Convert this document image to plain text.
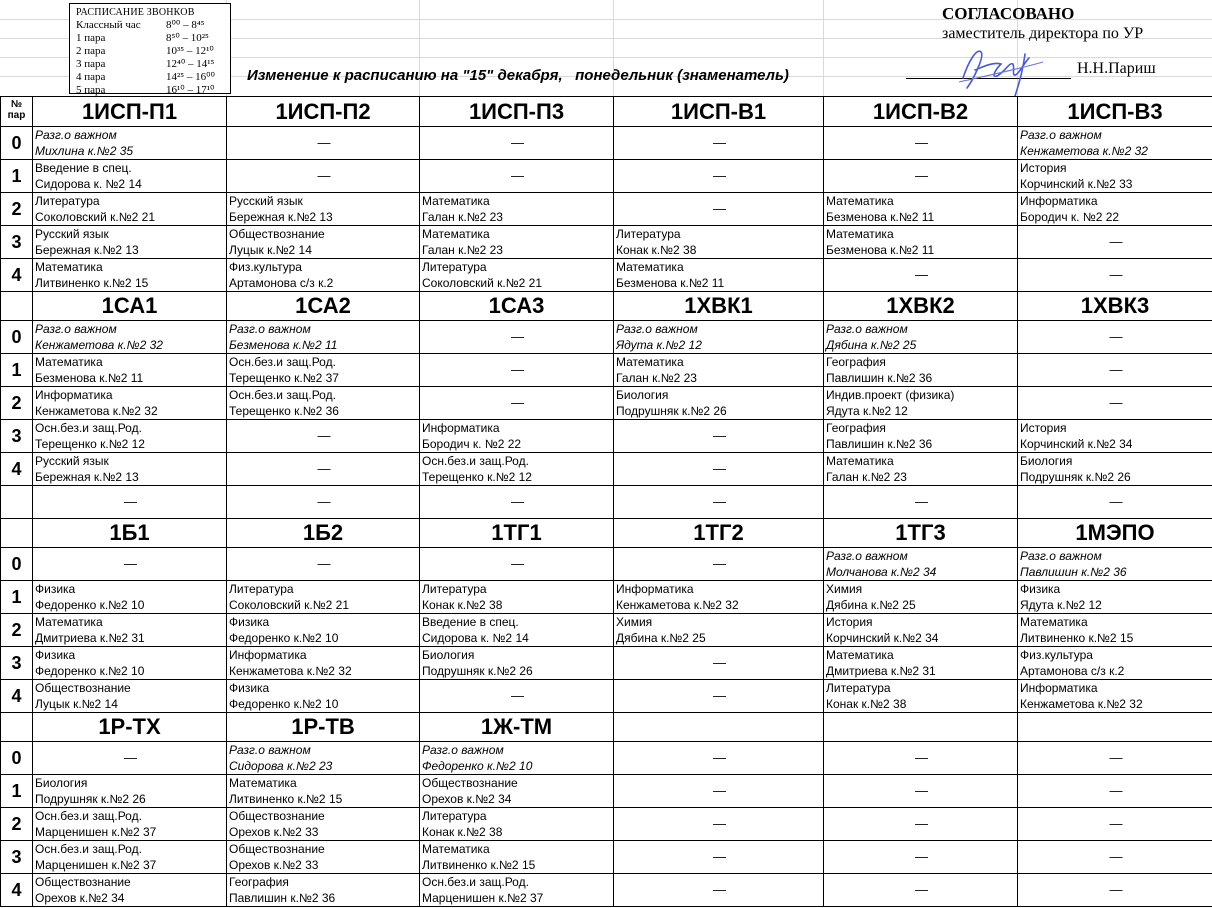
РАСПИСАНИЕ ЗВОНКОВ
Классный час	8⁰⁰ – 8⁴⁵
1 пара	8⁵⁰ – 10²⁵
2 пара	10³⁵ – 12¹⁰
3 пара	12⁴⁰ – 14¹⁵
4 пара	14²⁵ – 16⁰⁰
5 пара	16¹⁰ – 17¹⁰
Изменение к расписанию на "15" декабря,   понедельник (знаменатель)
СОГЛАСОВАНО
заместитель директора по УР
Н.Н.Париш
№ пар	1ИСП-П1	1ИСП-П2	1ИСП-П3	1ИСП-В1	1ИСП-В2	1ИСП-В3
0	Разг.о важном
Михлина к.№2 35	—	—	—	—	Разг.о важном
Кенжаметова к.№2 32

1	Введение в спец.
Сидорова к. №2 14	—	—	—	—	История
Корчинский к.№2 33

2	Литература
Соколовский к.№2 21	Русский язык
Бережная к.№2 13	Математика
Галан к.№2 23	—	Математика
Безменова к.№2 11	Информатика
Бородич к. №2 22

3	Русский язык
Бережная к.№2 13	Обществознание
Луцык к.№2 14	Математика
Галан к.№2 23	Литература
Конак к.№2 38	Математика
Безменова к.№2 11	—

4	Математика
Литвиненко к.№2 15	Физ.культура
Артамонова с/з к.2	Литература
Соколовский к.№2 21	Математика
Безменова к.№2 11	—	—

	1СА1	1СА2	1СА3	1ХВК1	1ХВК2	1ХВК3
0	Разг.о важном
Кенжаметова к.№2 32	Разг.о важном
Безменова к.№2 11	—	Разг.о важном
Ядута к.№2 12	Разг.о важном
Дябина к.№2 25	—

1	Математика
Безменова к.№2 11	Осн.без.и защ.Род.
Терещенко к.№2 37	—	Математика
Галан к.№2 23	География
Павлишин к.№2 36	—

2	Информатика
Кенжаметова к.№2 32	Осн.без.и защ.Род.
Терещенко к.№2 36	—	Биология
Подрушняк к.№2 26	Индив.проект (физика)
Ядута к.№2 12	—

3	Осн.без.и защ.Род.
Терещенко к.№2 12	—	Информатика
Бородич к. №2 22	—	География
Павлишин к.№2 36	История
Корчинский к.№2 34

4	Русский язык
Бережная к.№2 13	—	Осн.без.и защ.Род.
Терещенко к.№2 12	—	Математика
Галан к.№2 23	Биология
Подрушняк к.№2 26

	—	—	—	—	—	—

	1Б1	1Б2	1ТГ1	1ТГ2	1ТГ3	1МЭПО
0	—	—	—	—	Разг.о важном
Молчанова к.№2 34	Разг.о важном
Павлишин к.№2 36

1	Физика
Федоренко к.№2 10	Литература
Соколовский к.№2 21	Литература
Конак к.№2 38	Информатика
Кенжаметова к.№2 32	Химия
Дябина к.№2 25	Физика
Ядута к.№2 12

2	Математика
Дмитриева к.№2 31	Физика
Федоренко к.№2 10	Введение в спец.
Сидорова к. №2 14	Химия
Дябина к.№2 25	История
Корчинский к.№2 34	Математика
Литвиненко к.№2 15

3	Физика
Федоренко к.№2 10	Информатика
Кенжаметова к.№2 32	Биология
Подрушняк к.№2 26	—	Математика
Дмитриева к.№2 31	Физ.культура
Артамонова с/з к.2

4	Обществознание
Луцык к.№2 14	Физика
Федоренко к.№2 10	—	—	Литература
Конак к.№2 38	Информатика
Кенжаметова к.№2 32

	1Р-ТХ	1Р-ТВ	1Ж-ТМ			
0	—	Разг.о важном
Сидорова к.№2 23	Разг.о важном
Федоренко к.№2 10	—	—	—

1	Биология
Подрушняк к.№2 26	Математика
Литвиненко к.№2 15	Обществознание
Орехов к.№2 34	—	—	—

2	Осн.без.и защ.Род.
Марценишен к.№2 37	Обществознание
Орехов к.№2 33	Литература
Конак к.№2 38	—	—	—

3	Осн.без.и защ.Род.
Марценишен к.№2 37	Обществознание
Орехов к.№2 33	Математика
Литвиненко к.№2 15	—	—	—

4	Обществознание
Орехов к.№2 34	География
Павлишин к.№2 36	Осн.без.и защ.Род.
Марценишен к.№2 37	—	—	—
